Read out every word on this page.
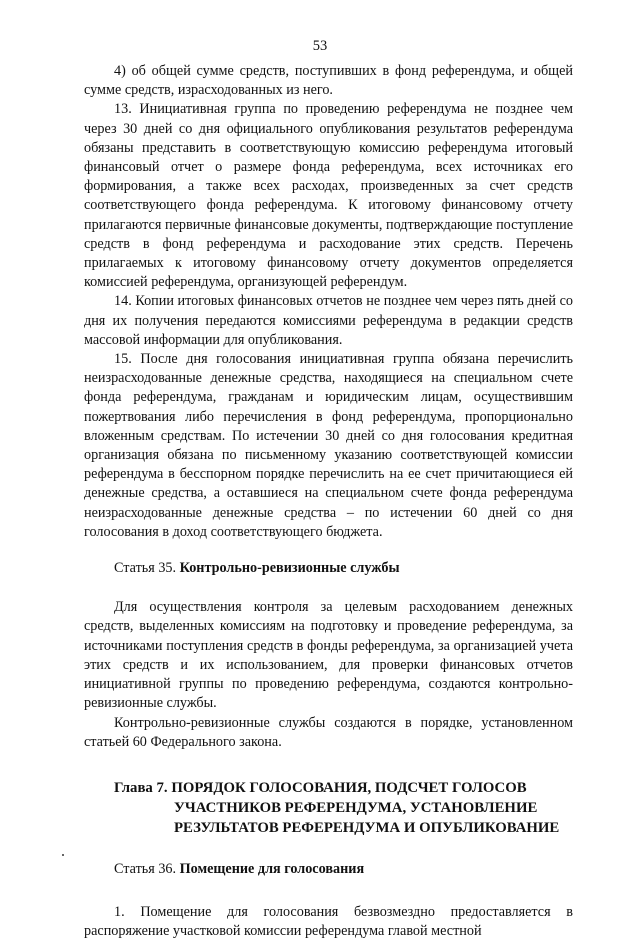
53

4) об общей сумме средств, поступивших в фонд референдума, и общей сумме средств, израсходованных из него.

13. Инициативная группа по проведению референдума не позднее чем через 30 дней со дня официального опубликования результатов референдума обязаны представить в соответствующую комиссию референдума итоговый финансовый отчет о размере фонда референдума, всех источниках его формирования, а также всех расходах, произведенных за счет средств соответствующего фонда референдума. К итоговому финансовому отчету прилагаются первичные финансовые документы, подтверждающие поступление средств в фонд референдума и расходование этих средств. Перечень прилагаемых к итоговому финансовому отчету документов определяется комиссией референдума, организующей референдум.

14. Копии итоговых финансовых отчетов не позднее чем через пять дней со дня их получения передаются комиссиями референдума в редакции средств массовой информации для опубликования.

15. После дня голосования инициативная группа обязана перечислить неизрасходованные денежные средства, находящиеся на специальном счете фонда референдума, гражданам и юридическим лицам, осуществившим пожертвования либо перечисления в фонд референдума, пропорционально вложенным средствам. По истечении 30 дней со дня голосования кредитная организация обязана по письменному указанию соответствующей комиссии референдума в бесспорном порядке перечислить на ее счет причитающиеся ей денежные средства, а оставшиеся на специальном счете фонда референдума неизрасходованные денежные средства – по истечении 60 дней со дня голосования в доход соответствующего бюджета.

Статья 35. Контрольно-ревизионные службы

Для осуществления контроля за целевым расходованием денежных средств, выделенных комиссиям на подготовку и проведение референдума, за источниками поступления средств в фонды референдума, за организацией учета этих средств и их использованием, для проверки финансовых отчетов инициативной группы по проведению референдума, создаются контрольно-ревизионные службы.

Контрольно-ревизионные службы создаются в порядке, установленном статьей 60 Федерального закона.

Глава 7. ПОРЯДОК ГОЛОСОВАНИЯ, ПОДСЧЕТ ГОЛОСОВ
УЧАСТНИКОВ РЕФЕРЕНДУМА, УСТАНОВЛЕНИЕ
РЕЗУЛЬТАТОВ РЕФЕРЕНДУМА И ОПУБЛИКОВАНИЕ

Статья 36. Помещение для голосования

1. Помещение для голосования безвозмездно предоставляется в распоряжение участковой комиссии референдума главой местной
